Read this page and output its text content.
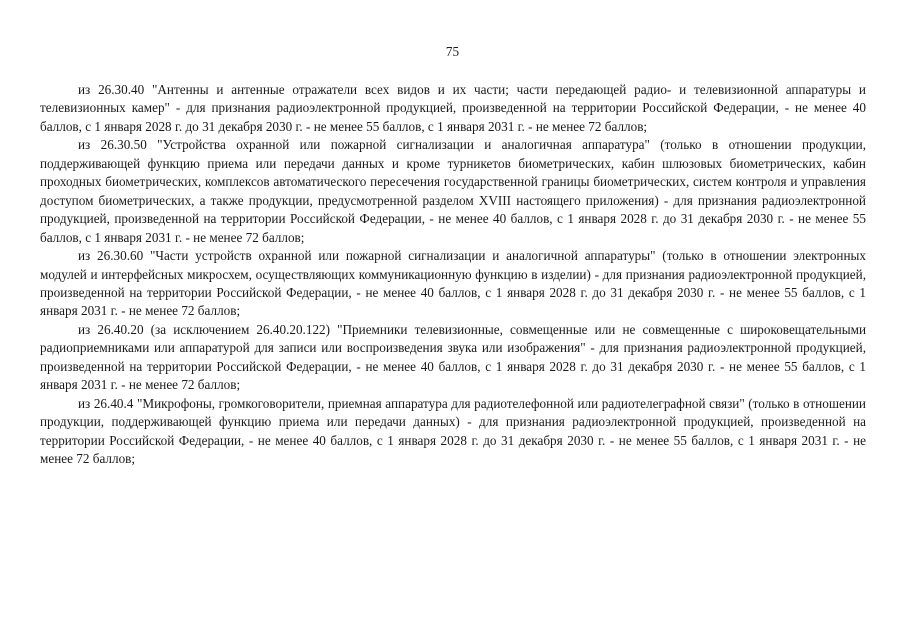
75

из 26.30.40 "Антенны и антенные отражатели всех видов и их части; части передающей радио- и телевизионной аппаратуры и телевизионных камер" - для признания радиоэлектронной продукцией, произведенной на территории Российской Федерации, - не менее 40 баллов, с 1 января 2028 г. до 31 декабря 2030 г. - не менее 55 баллов, с 1 января 2031 г. - не менее 72 баллов;

из 26.30.50 "Устройства охранной или пожарной сигнализации и аналогичная аппаратура" (только в отношении продукции, поддерживающей функцию приема или передачи данных и кроме турникетов биометрических, кабин шлюзовых биометрических, кабин проходных биометрических, комплексов автоматического пересечения государственной границы биометрических, систем контроля и управления доступом биометрических, а также продукции, предусмотренной разделом XVIII настоящего приложения) - для признания радиоэлектронной продукцией, произведенной на территории Российской Федерации, - не менее 40 баллов, с 1 января 2028 г. до 31 декабря 2030 г. - не менее 55 баллов, с 1 января 2031 г. - не менее 72 баллов;

из 26.30.60 "Части устройств охранной или пожарной сигнализации и аналогичной аппаратуры" (только в отношении электронных модулей и интерфейсных микросхем, осуществляющих коммуникационную функцию в изделии) - для признания радиоэлектронной продукцией, произведенной на территории Российской Федерации, - не менее 40 баллов, с 1 января 2028 г. до 31 декабря 2030 г. - не менее 55 баллов, с 1 января 2031 г. - не менее 72 баллов;

из 26.40.20 (за исключением 26.40.20.122) "Приемники телевизионные, совмещенные или не совмещенные с широковещательными радиоприемниками или аппаратурой для записи или воспроизведения звука или изображения" - для признания радиоэлектронной продукцией, произведенной на территории Российской Федерации, - не менее 40 баллов, с 1 января 2028 г. до 31 декабря 2030 г. - не менее 55 баллов, с 1 января 2031 г. - не менее 72 баллов;

из 26.40.4 "Микрофоны, громкоговорители, приемная аппаратура для радиотелефонной или радиотелеграфной связи" (только в отношении продукции, поддерживающей функцию приема или передачи данных) - для признания радиоэлектронной продукцией, произведенной на территории Российской Федерации, - не менее 40 баллов, с 1 января 2028 г. до 31 декабря 2030 г. - не менее 55 баллов, с 1 января 2031 г. - не менее 72 баллов;
